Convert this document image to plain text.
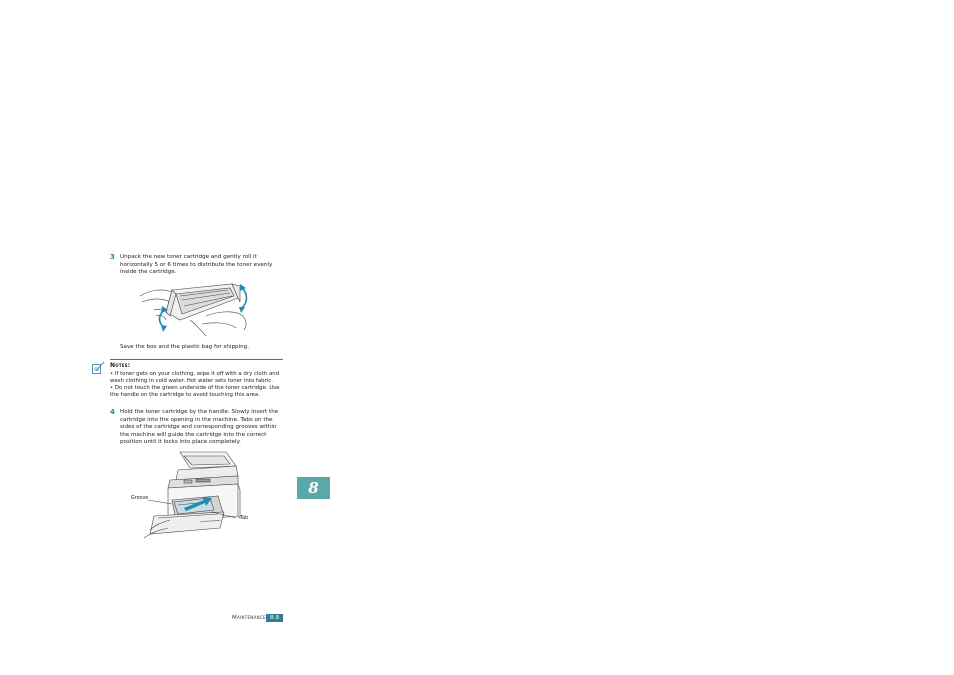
3 Unpack the new toner cartridge and gently roll it horizontally 5 or 6 times to distribute the toner evenly inside the cartridge.
Save the box and the plastic bag for shipping.
Notes:
• If toner gets on your clothing, wipe it off with a dry cloth and wash clothing in cold water. Hot water sets toner into fabric.
• Do not touch the green underside of the toner cartridge. Use the handle on the cartridge to avoid touching this area.
4 Hold the toner cartridge by the handle. Slowly insert the cartridge into the opening in the machine. Tabs on the sides of the cartridge and corresponding grooves within the machine will guide the cartridge into the correct position until it locks into place completely.
Groove
Tab
8
Maintenance 8.9
